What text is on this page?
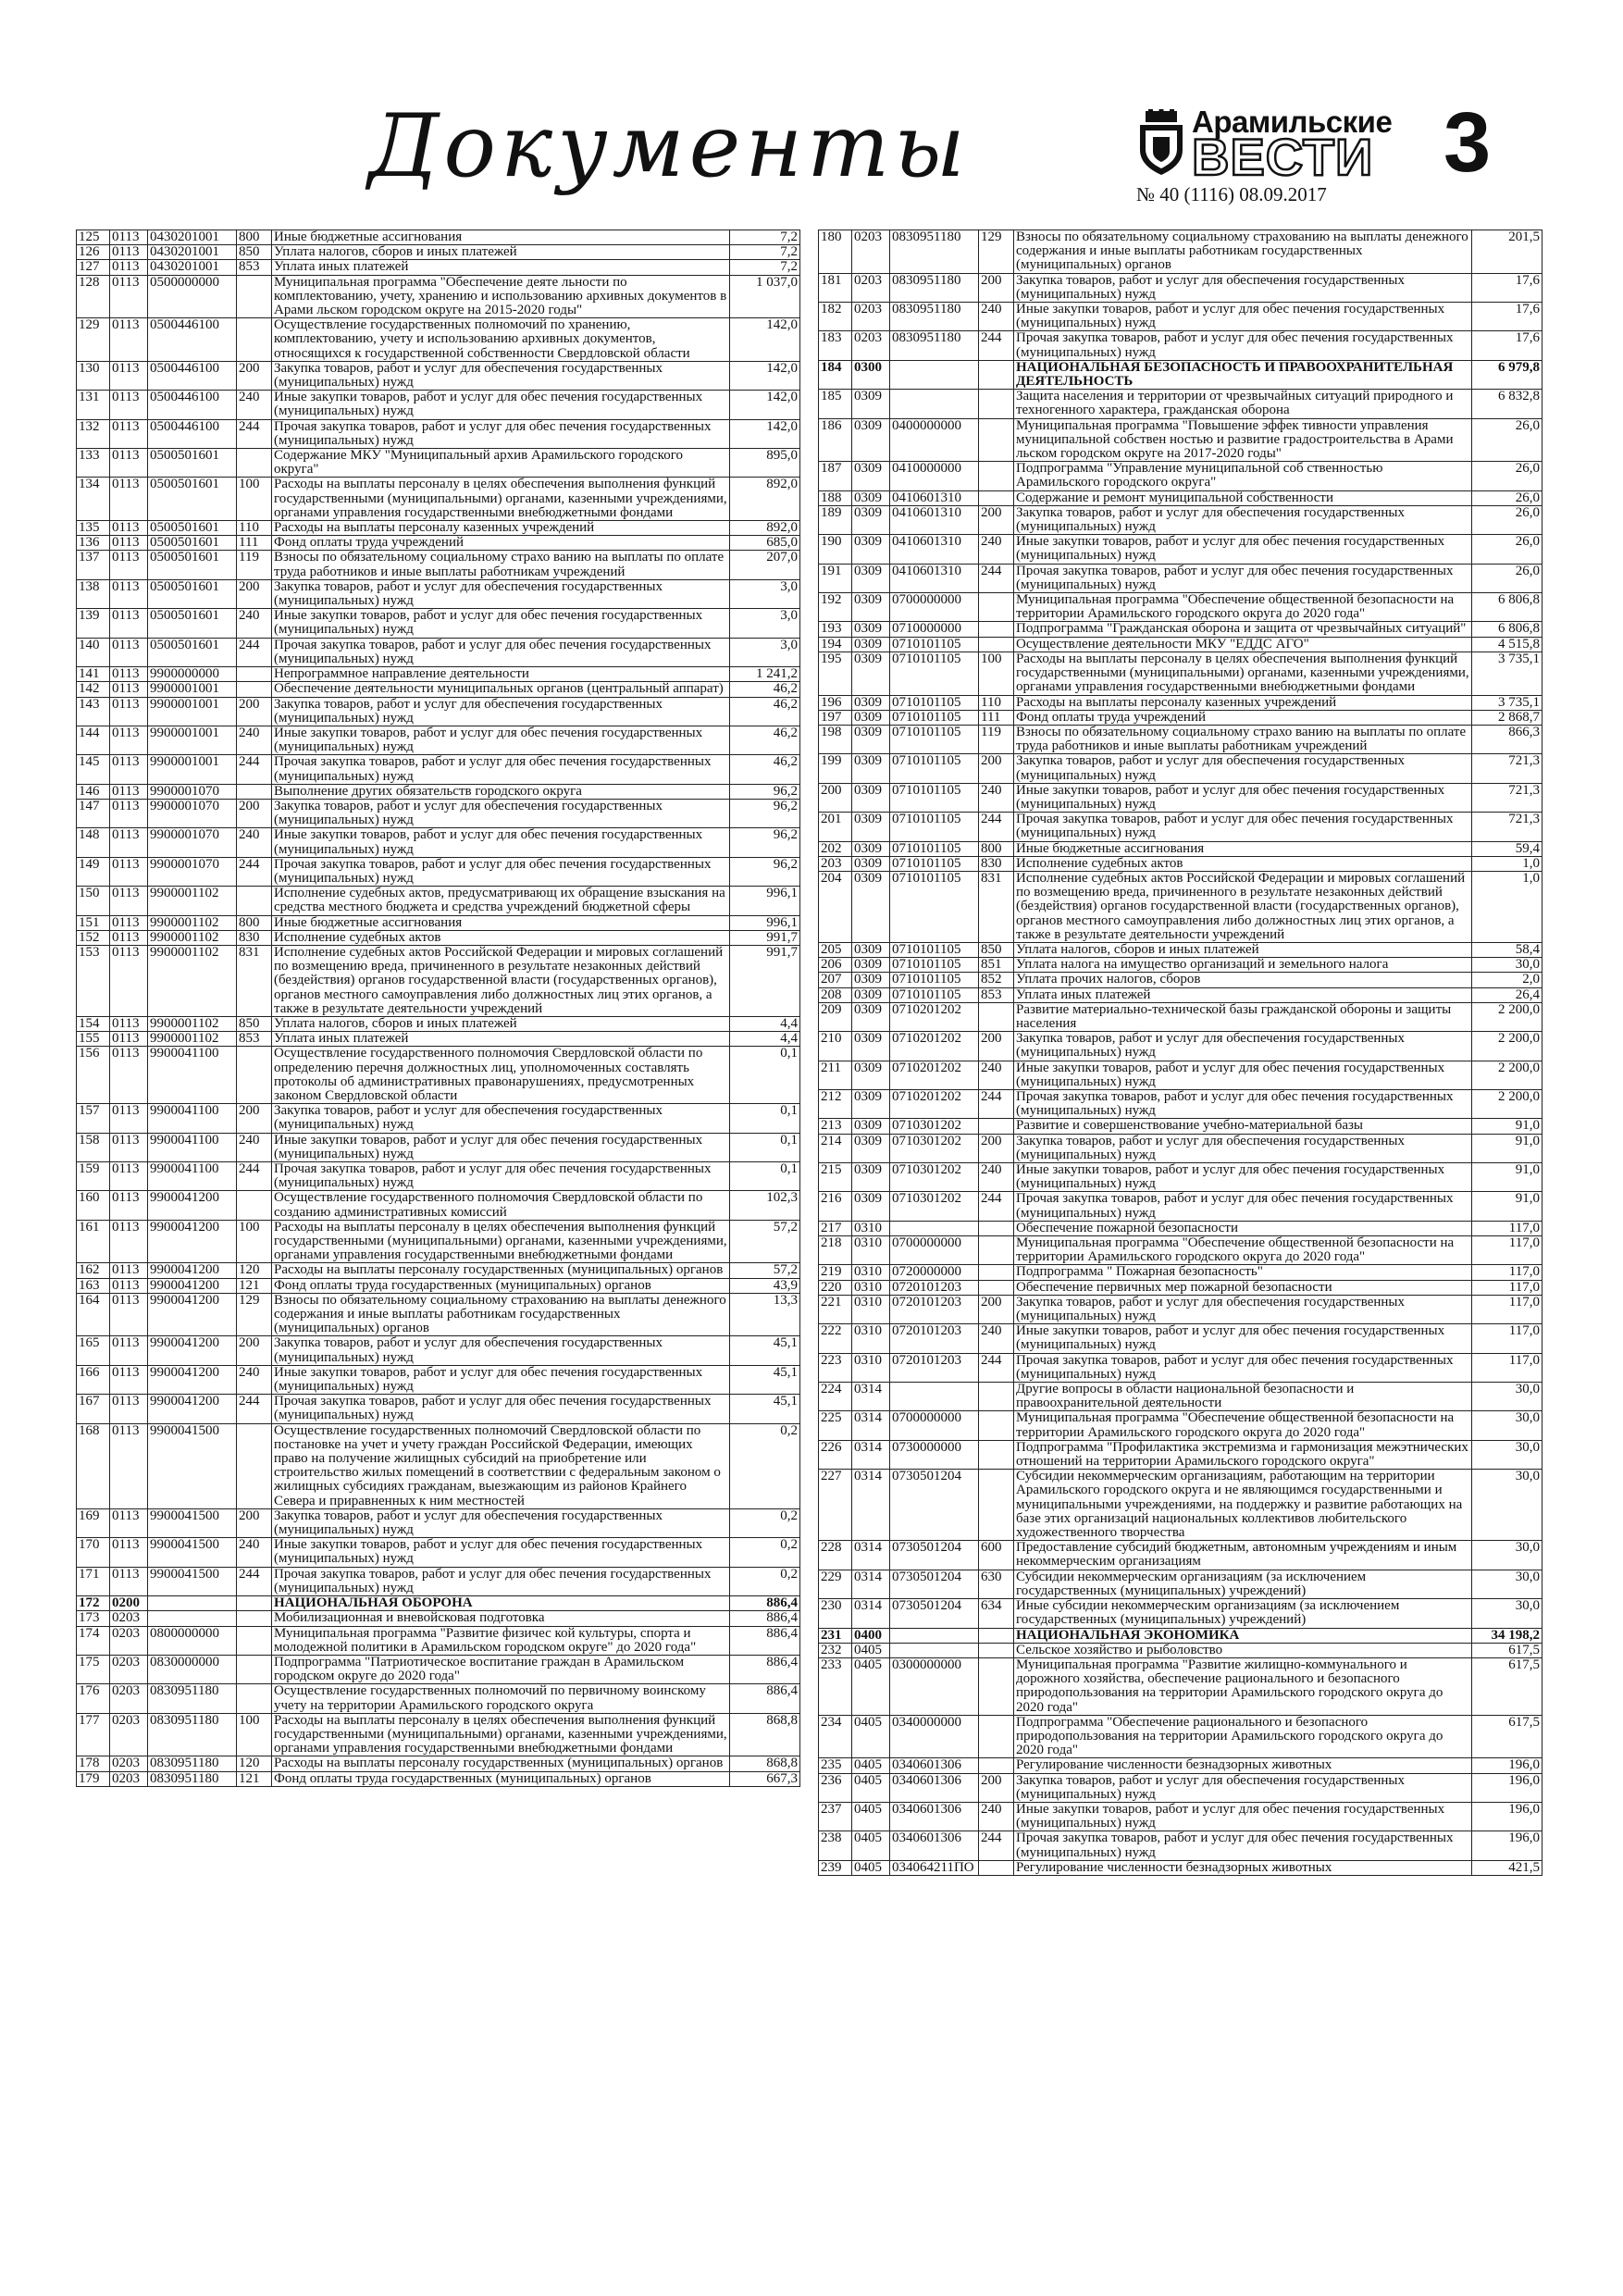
Документы	Арамильские
ВЕСТИ
№ 40 (1116) 08.09.2017
3
125	0113	0430201001	800	Иные бюджетные ассигнования	7,2
126	0113	0430201001	850	Уплата налогов, сборов и иных платежей	7,2
127	0113	0430201001	853	Уплата иных платежей	7,2
128	0113	0500000000		Муниципальная программа "Обеспечение деяте льности по комплектованию, учету, хранению и использованию архивных документов в Арами льском городском округе на 2015-2020 годы"	1 037,0
129	0113	0500446100		Осуществление государственных полномочий по хранению, комплектованию, учету и использованию архивных документов, относящихся к государственной собственности Свердловской области	142,0
130	0113	0500446100	200	Закупка товаров, работ и услуг для обеспечения государственных (муниципальных) нужд	142,0
131	0113	0500446100	240	Иные закупки товаров, работ и услуг для обес печения государственных (муниципальных) нужд	142,0
132	0113	0500446100	244	Прочая закупка товаров, работ и услуг для обес печения государственных (муниципальных) нужд	142,0
133	0113	0500501601		Содержание МКУ "Муниципальный архив Арамильского городского округа"	895,0
134	0113	0500501601	100	Расходы на выплаты персоналу в целях обеспечения выполнения функций государственными (муниципальными) органами, казенными учреждениями, органами управления государственными внебюджетными фондами	892,0
135	0113	0500501601	110	Расходы на выплаты персоналу казенных учреждений	892,0
136	0113	0500501601	111	Фонд оплаты труда учреждений	685,0
137	0113	0500501601	119	Взносы по обязательному социальному страхо ванию на выплаты по оплате труда работников и иные выплаты работникам учреждений	207,0
138	0113	0500501601	200	Закупка товаров, работ и услуг для обеспечения государственных (муниципальных) нужд	3,0
139	0113	0500501601	240	Иные закупки товаров, работ и услуг для обес печения государственных (муниципальных) нужд	3,0
140	0113	0500501601	244	Прочая закупка товаров, работ и услуг для обес печения государственных (муниципальных) нужд	3,0
141	0113	9900000000		Непрограммное направление деятельности	1 241,2
142	0113	9900001001		Обеспечение деятельности муниципальных органов (центральный аппарат)	46,2
143	0113	9900001001	200	Закупка товаров, работ и услуг для обеспечения государственных (муниципальных) нужд	46,2
144	0113	9900001001	240	Иные закупки товаров, работ и услуг для обес печения государственных (муниципальных) нужд	46,2
145	0113	9900001001	244	Прочая закупка товаров, работ и услуг для обес печения государственных (муниципальных) нужд	46,2
146	0113	9900001070		Выполнение других обязательств городского округа	96,2
147	0113	9900001070	200	Закупка товаров, работ и услуг для обеспечения государственных (муниципальных) нужд	96,2
148	0113	9900001070	240	Иные закупки товаров, работ и услуг для обес печения государственных (муниципальных) нужд	96,2
149	0113	9900001070	244	Прочая закупка товаров, работ и услуг для обес печения государственных (муниципальных) нужд	96,2
150	0113	9900001102		Исполнение судебных актов, предусматривающ их обращение взыскания на средства местного бюджета и средства учреждений бюджетной сферы	996,1
151	0113	9900001102	800	Иные бюджетные ассигнования	996,1
152	0113	9900001102	830	Исполнение судебных актов	991,7
153	0113	9900001102	831	Исполнение судебных актов Российской Федерации и мировых соглашений по возмещению вреда, причиненного в результате незаконных действий (бездействия) органов государственной власти (государственных органов), органов местного самоуправления либо должностных лиц этих органов, а также в результате деятельности учреждений	991,7
154	0113	9900001102	850	Уплата налогов, сборов и иных платежей	4,4
155	0113	9900001102	853	Уплата иных платежей	4,4
156	0113	9900041100		Осуществление государственного полномочия Свердловской области по определению перечня должностных лиц, уполномоченных составлять протоколы об административных правонарушениях, предусмотренных законом Свердловской области	0,1
157	0113	9900041100	200	Закупка товаров, работ и услуг для обеспечения государственных (муниципальных) нужд	0,1
158	0113	9900041100	240	Иные закупки товаров, работ и услуг для обес печения государственных (муниципальных) нужд	0,1
159	0113	9900041100	244	Прочая закупка товаров, работ и услуг для обес печения государственных (муниципальных) нужд	0,1
160	0113	9900041200		Осуществление государственного полномочия Свердловской области по созданию административных комиссий	102,3
161	0113	9900041200	100	Расходы на выплаты персоналу в целях обеспечения выполнения функций государственными (муниципальными) органами, казенными учреждениями, органами управления государственными внебюджетными фондами	57,2
162	0113	9900041200	120	Расходы на выплаты персоналу государственных (муниципальных) органов	57,2
163	0113	9900041200	121	Фонд оплаты труда государственных (муниципальных) органов	43,9
164	0113	9900041200	129	Взносы по обязательному социальному страхованию на выплаты денежного содержания и иные выплаты работникам государственных (муниципальных) органов	13,3
165	0113	9900041200	200	Закупка товаров, работ и услуг для обеспечения государственных (муниципальных) нужд	45,1
166	0113	9900041200	240	Иные закупки товаров, работ и услуг для обес печения государственных (муниципальных) нужд	45,1
167	0113	9900041200	244	Прочая закупка товаров, работ и услуг для обес печения государственных (муниципальных) нужд	45,1
168	0113	9900041500		Осуществление государственных полномочий Свердловской области по постановке на учет и учету граждан Российской Федерации, имеющих право на получение жилищных субсидий на приобретение или строительство жилых помещений в соответствии с федеральным законом о жилищных субсидиях гражданам, выезжающим из районов Крайнего Севера и приравненных к ним местностей	0,2
169	0113	9900041500	200	Закупка товаров, работ и услуг для обеспечения государственных (муниципальных) нужд	0,2
170	0113	9900041500	240	Иные закупки товаров, работ и услуг для обес печения государственных (муниципальных) нужд	0,2
171	0113	9900041500	244	Прочая закупка товаров, работ и услуг для обес печения государственных (муниципальных) нужд	0,2
172	0200			НАЦИОНАЛЬНАЯ ОБОРОНА	886,4
173	0203			Мобилизационная и вневойсковая подготовка	886,4
174	0203	0800000000		Муниципальная программа "Развитие физичес кой культуры, спорта и молодежной политики в Арамильском городском округе" до 2020 года"	886,4
175	0203	0830000000		Подпрограмма "Патриотическое воспитание граждан в Арамильском городском округе до 2020 года"	886,4
176	0203	0830951180		Осуществление государственных полномочий по первичному воинскому учету на территории Арамильского городского округа	886,4
177	0203	0830951180	100	Расходы на выплаты персоналу в целях обеспечения выполнения функций государственными (муниципальными) органами, казенными учреждениями, органами управления государственными внебюджетными фондами	868,8
178	0203	0830951180	120	Расходы на выплаты персоналу государственных (муниципальных) органов	868,8
179	0203	0830951180	121	Фонд оплаты труда государственных (муниципальных) органов	667,3
180	0203	0830951180	129	Взносы по обязательному социальному страхованию на выплаты денежного содержания и иные выплаты работникам государственных (муниципальных) органов	201,5
181	0203	0830951180	200	Закупка товаров, работ и услуг для обеспечения государственных (муниципальных) нужд	17,6
182	0203	0830951180	240	Иные закупки товаров, работ и услуг для обес печения государственных (муниципальных) нужд	17,6
183	0203	0830951180	244	Прочая закупка товаров, работ и услуг для обес печения государственных (муниципальных) нужд	17,6
184	0300			НАЦИОНАЛЬНАЯ БЕЗОПАСНОСТЬ И ПРАВООХРАНИТЕЛЬНАЯ ДЕЯТЕЛЬНОСТЬ	6 979,8
185	0309			Защита населения и территории от чрезвычайных ситуаций природного и техногенного характера, гражданская оборона	6 832,8
186	0309	0400000000		Муниципальная программа "Повышение эффек тивности управления муниципальной собствен ностью и развитие градостроительства в Арами льском городском округе на 2017-2020 годы"	26,0
187	0309	0410000000		Подпрограмма "Управление муниципальной соб ственностью Арамильского городского округа"	26,0
188	0309	0410601310		Содержание и ремонт муниципальной собственности	26,0
189	0309	0410601310	200	Закупка товаров, работ и услуг для обеспечения государственных (муниципальных) нужд	26,0
190	0309	0410601310	240	Иные закупки товаров, работ и услуг для обес печения государственных (муниципальных) нужд	26,0
191	0309	0410601310	244	Прочая закупка товаров, работ и услуг для обес печения государственных (муниципальных) нужд	26,0
192	0309	0700000000		Муниципальная программа "Обеспечение общественной безопасности на территории Арамильского городского округа до 2020 года"	6 806,8
193	0309	0710000000		Подпрограмма "Гражданская оборона и защита от чрезвычайных ситуаций"	6 806,8
194	0309	0710101105		Осуществление деятельности МКУ "ЕДДС АГО"	4 515,8
195	0309	0710101105	100	Расходы на выплаты персоналу в целях обеспечения выполнения функций государственными (муниципальными) органами, казенными учреждениями, органами управления государственными внебюджетными фондами	3 735,1
196	0309	0710101105	110	Расходы на выплаты персоналу казенных учреждений	3 735,1
197	0309	0710101105	111	Фонд оплаты труда учреждений	2 868,7
198	0309	0710101105	119	Взносы по обязательному социальному страхо ванию на выплаты по оплате труда работников и иные выплаты работникам учреждений	866,3
199	0309	0710101105	200	Закупка товаров, работ и услуг для обеспечения государственных (муниципальных) нужд	721,3
200	0309	0710101105	240	Иные закупки товаров, работ и услуг для обес печения государственных (муниципальных) нужд	721,3
201	0309	0710101105	244	Прочая закупка товаров, работ и услуг для обес печения государственных (муниципальных) нужд	721,3
202	0309	0710101105	800	Иные бюджетные ассигнования	59,4
203	0309	0710101105	830	Исполнение судебных актов	1,0
204	0309	0710101105	831	Исполнение судебных актов Российской Федерации и мировых соглашений по возмещению вреда, причиненного в результате незаконных действий (бездействия) органов государственной власти (государственных органов), органов местного самоуправления либо должностных лиц этих органов, а также в результате деятельности учреждений	1,0
205	0309	0710101105	850	Уплата налогов, сборов и иных платежей	58,4
206	0309	0710101105	851	Уплата налога на имущество организаций и земельного налога	30,0
207	0309	0710101105	852	Уплата прочих налогов, сборов	2,0
208	0309	0710101105	853	Уплата иных платежей	26,4
209	0309	0710201202		Развитие материально-технической базы гражданской обороны и защиты населения	2 200,0
210	0309	0710201202	200	Закупка товаров, работ и услуг для обеспечения государственных (муниципальных) нужд	2 200,0
211	0309	0710201202	240	Иные закупки товаров, работ и услуг для обес печения государственных (муниципальных) нужд	2 200,0
212	0309	0710201202	244	Прочая закупка товаров, работ и услуг для обес печения государственных (муниципальных) нужд	2 200,0
213	0309	0710301202		Развитие и совершенствование учебно-материальной базы	91,0
214	0309	0710301202	200	Закупка товаров, работ и услуг для обеспечения государственных (муниципальных) нужд	91,0
215	0309	0710301202	240	Иные закупки товаров, работ и услуг для обес печения государственных (муниципальных) нужд	91,0
216	0309	0710301202	244	Прочая закупка товаров, работ и услуг для обес печения государственных (муниципальных) нужд	91,0
217	0310			Обеспечение пожарной безопасности	117,0
218	0310	0700000000		Муниципальная программа "Обеспечение общественной безопасности на территории Арамильского городского округа до 2020 года"	117,0
219	0310	0720000000		Подпрограмма " Пожарная безопасность"	117,0
220	0310	0720101203		Обеспечение первичных мер пожарной безопасности	117,0
221	0310	0720101203	200	Закупка товаров, работ и услуг для обеспечения государственных (муниципальных) нужд	117,0
222	0310	0720101203	240	Иные закупки товаров, работ и услуг для обес печения государственных (муниципальных) нужд	117,0
223	0310	0720101203	244	Прочая закупка товаров, работ и услуг для обес печения государственных (муниципальных) нужд	117,0
224	0314			Другие вопросы в области национальной безопасности и правоохранительной деятельности	30,0
225	0314	0700000000		Муниципальная программа "Обеспечение общественной безопасности на территории Арамильского городского округа до 2020 года"	30,0
226	0314	0730000000		Подпрограмма "Профилактика экстремизма и гармонизация межэтнических отношений на территории Арамильского городского округа"	30,0
227	0314	0730501204		Субсидии некоммерческим организациям, работающим на территории Арамильского городского округа и не являющимся государственными и муниципальными учреждениями, на поддержку и развитие работающих на базе этих организаций национальных коллективов любительского художественного творчества	30,0
228	0314	0730501204	600	Предоставление субсидий бюджетным, автономным учреждениям и иным некоммерческим организациям	30,0
229	0314	0730501204	630	Субсидии некоммерческим организациям (за исключением государственных (муниципальных) учреждений)	30,0
230	0314	0730501204	634	Иные субсидии некоммерческим организациям (за исключением государственных (муниципальных) учреждений)	30,0
231	0400			НАЦИОНАЛЬНАЯ ЭКОНОМИКА	34 198,2
232	0405			Сельское хозяйство и рыболовство	617,5
233	0405	0300000000		Муниципальная программа "Развитие жилищно-коммунального и дорожного хозяйства, обеспечение рационального и безопасного природопользования на территории Арамильского городского округа до 2020 года"	617,5
234	0405	0340000000		Подпрограмма "Обеспечение рационального и безопасного природопользования на территории Арамильского городского округа до 2020 года"	617,5
235	0405	0340601306		Регулирование численности безнадзорных животных	196,0
236	0405	0340601306	200	Закупка товаров, работ и услуг для обеспечения государственных (муниципальных) нужд	196,0
237	0405	0340601306	240	Иные закупки товаров, работ и услуг для обес печения государственных (муниципальных) нужд	196,0
238	0405	0340601306	244	Прочая закупка товаров, работ и услуг для обес печения государственных (муниципальных) нужд	196,0
239	0405	034064211ПО		Регулирование численности безнадзорных животных	421,5
